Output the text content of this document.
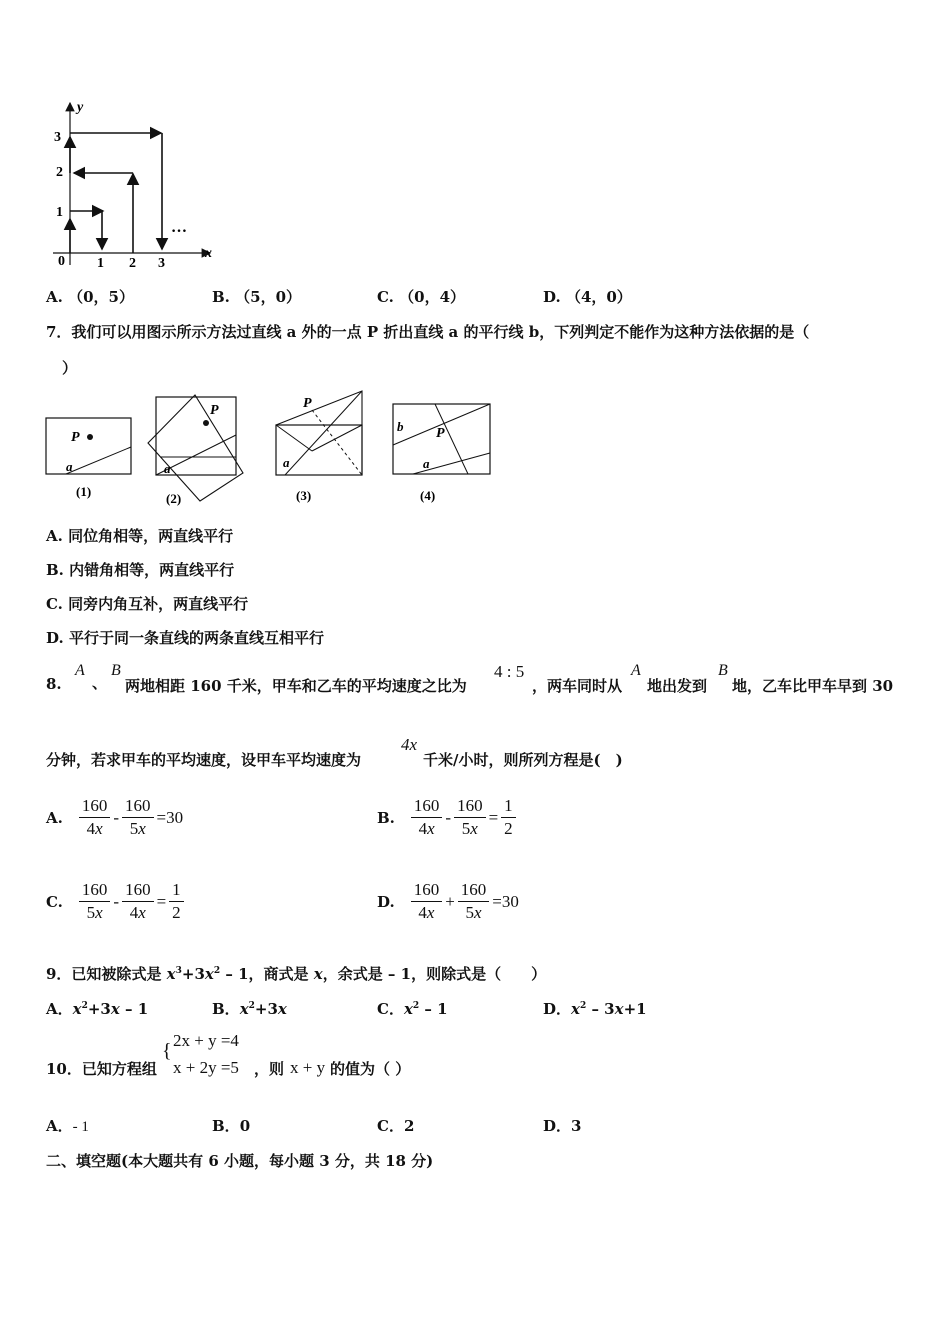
y
x
0 1 2 3
1
2
3
…
A. （0，5）	B. （5，0）	C. （0，4）	D. （4，0）
7．我们可以用图示所示方法过直线 a 外的一点 P 折出直线 a 的平行线 b，下列判定不能作为这种方法依据的是（
）
P
a
(1)
P
a
(2)
P
a
(3)
b P
a
(4)
A. 同位角相等，两直线平行
B. 内错角相等，两直线平行
C. 同旁内角互补，两直线平行
D. 平行于同一条直线的两条直线互相平行
8.
A
、
B
两地相距 160 千米，甲车和乙车的平均速度之比为
4 : 5
，两车同时从
A
地出发到
B
地，乙车比甲车早到 30
分钟，若求甲车的平均速度，设甲车平均速度为
4x
千米/小时，则所列方程是(　)
A. $\frac{160}{4x} - \frac{160}{5x} =30$	B. $\frac{160}{4x} - \frac{160}{5x} = \frac{1}{2}$
C. $\frac{160}{5x} - \frac{160}{4x} = \frac{1}{2}$	D. $\frac{160}{4x} + \frac{160}{5x} =30$
9．已知被除式是 $x^3+3x^2 - 1$，商式是 x，余式是 – 1，则除式是（　　）
A．$x^2+3x - 1$	B．$x^2+3x$	C．$x^2 - 1$	D．$x^2 - 3x+1$
10．已知方程组
{ 2x + y =4
x + 2y =5 ，则 x + y 的值为（ ）
A．- 1	B．0	C．2	D．3
二、填空题(本大题共有 6 小题，每小题 3 分，共 18 分)
